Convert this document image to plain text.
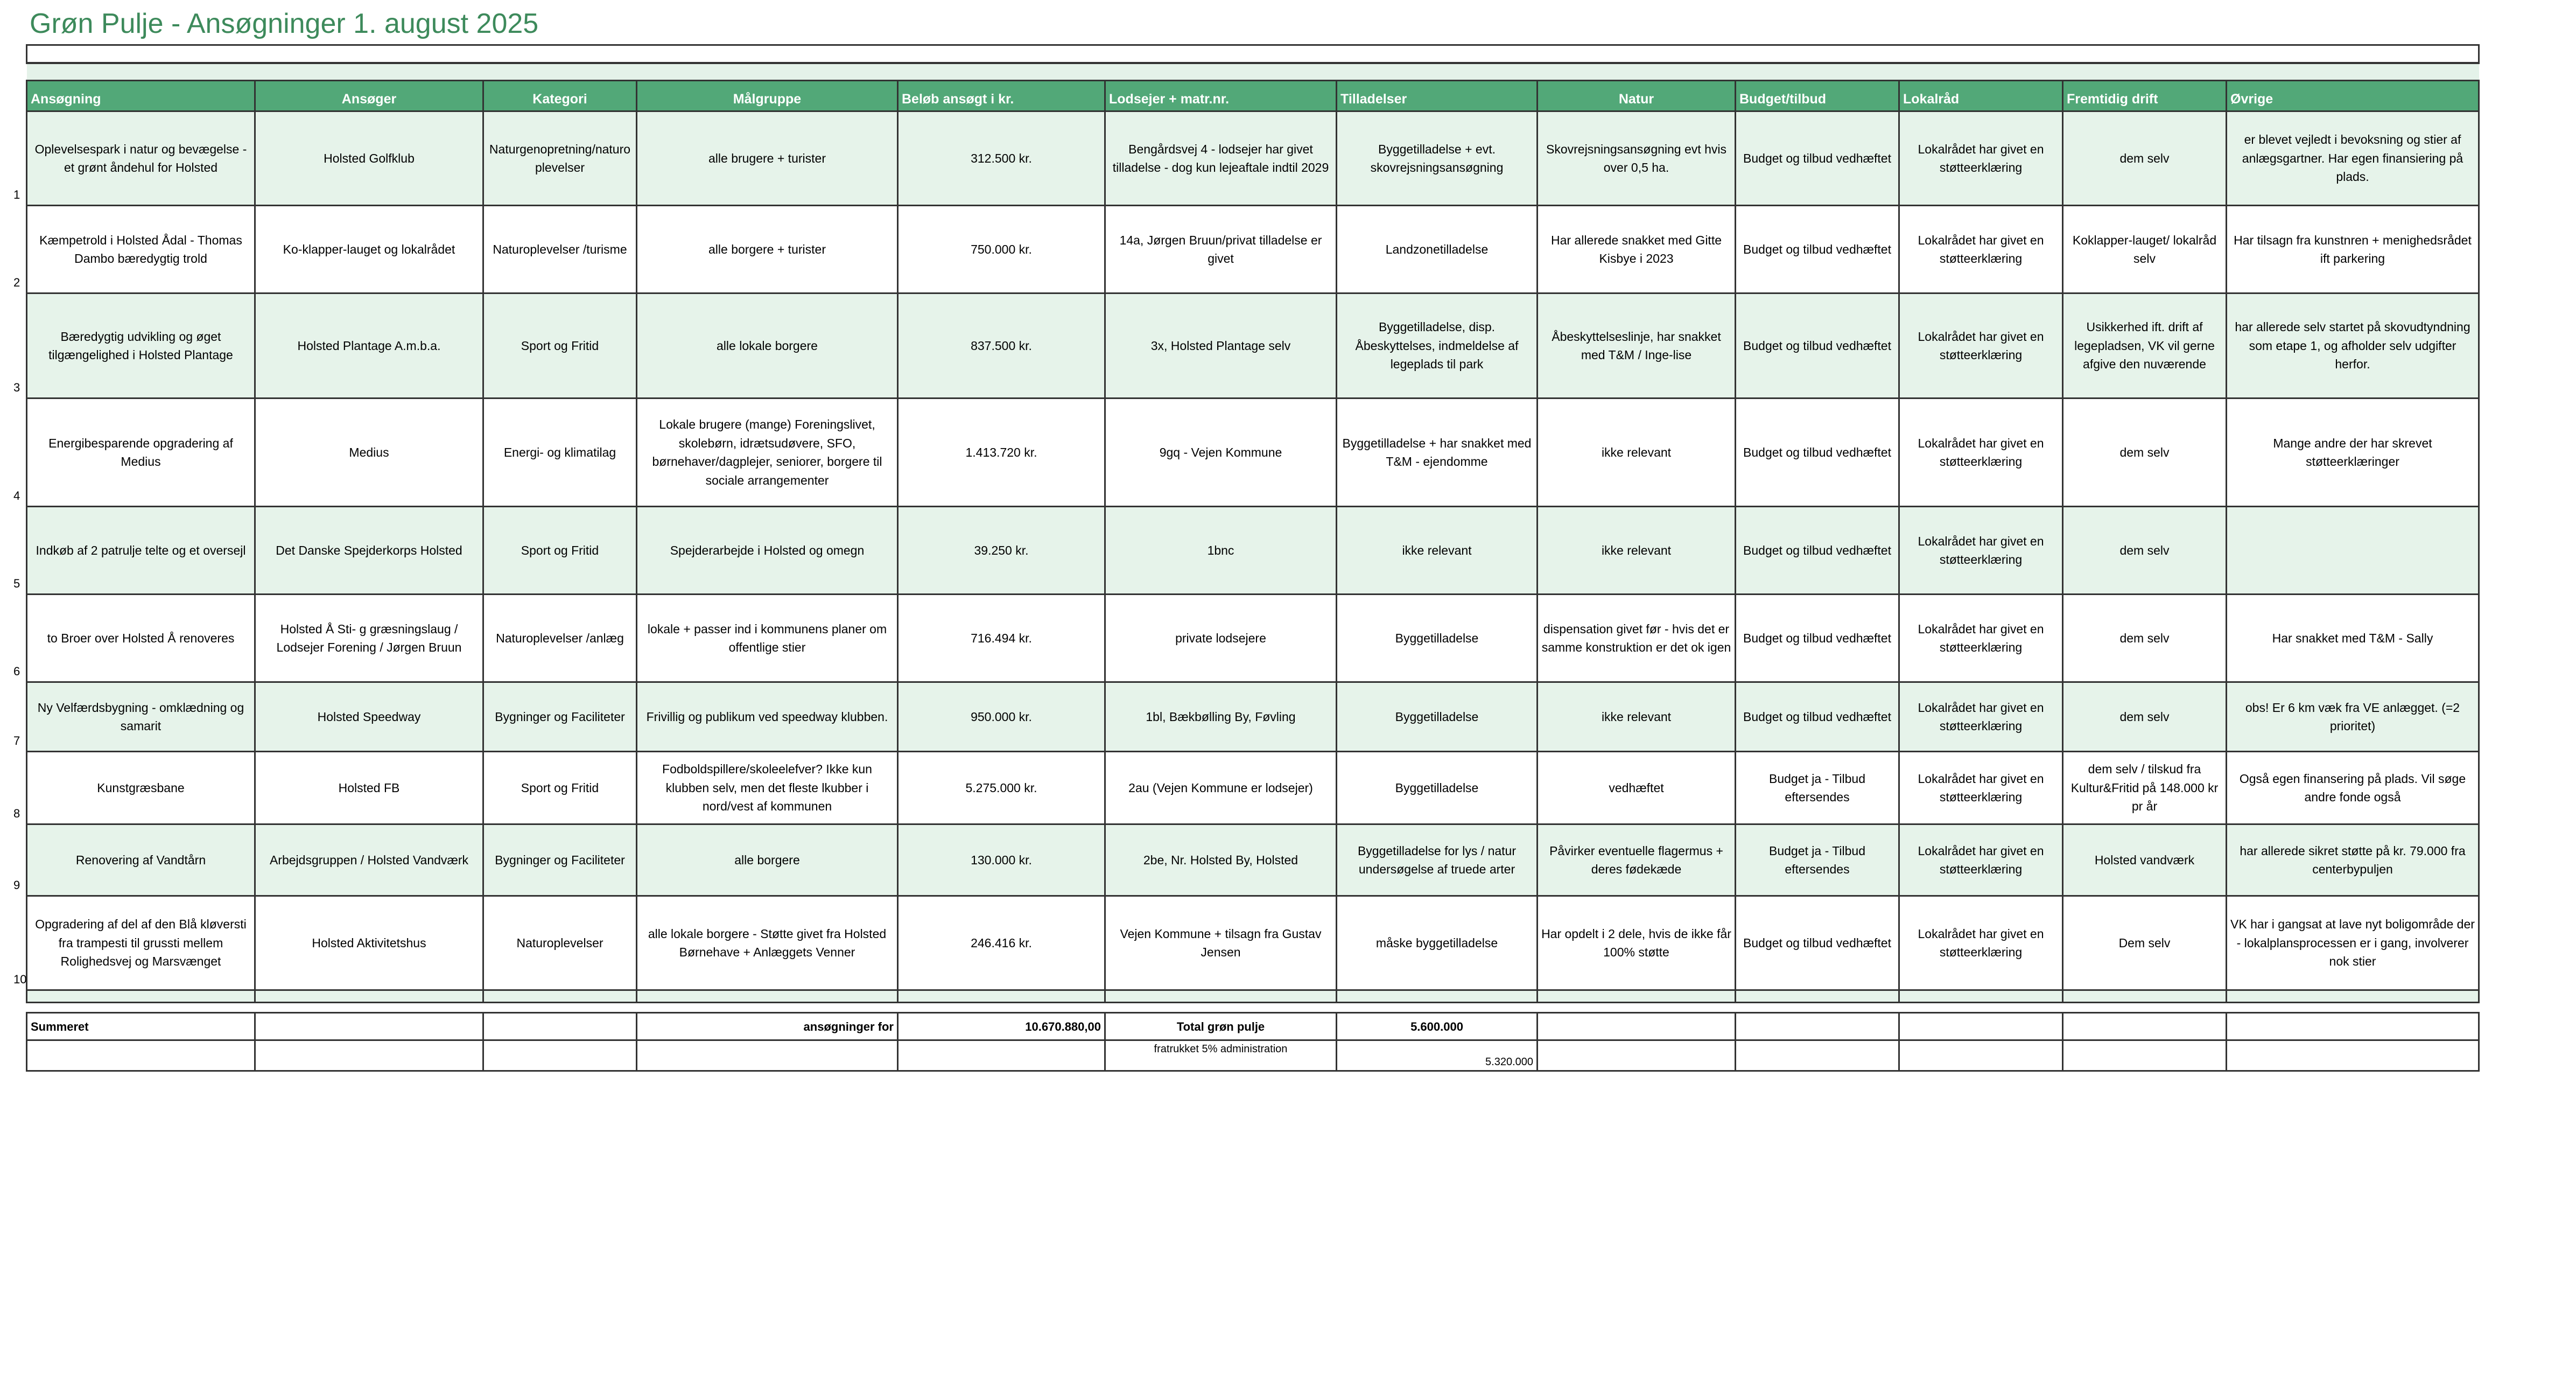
Grøn Pulje - Ansøgninger 1. august 2025

Ansøgning	Ansøger	Kategori	Målgruppe	Beløb ansøgt i kr.	Lodsejer + matr.nr.	Tilladelser	Natur	Budget/tilbud	Lokalråd	Fremtidig drift	Øvrige

1
Oplevelsespark i natur og bevægelse - et grønt åndehul for Holsted	Holsted Golfklub	Naturgenopretning/naturoplevelser	alle brugere + turister	312.500 kr.	Bengårdsvej 4 - lodsejer har givet tilladelse - dog kun lejeaftale indtil 2029	Byggetilladelse + evt. skovrejsningsansøgning	Skovrejsningsansøgning evt hvis over 0,5 ha.	Budget og tilbud vedhæftet	Lokalrådet har givet en støtteerklæring	dem selv	er blevet vejledt i bevoksning og stier af anlægsgartner. Har egen finansiering på plads.

2
Kæmpetrold i Holsted Ådal - Thomas Dambo bæredygtig trold	Ko-klapper-lauget og lokalrådet	Naturoplevelser /turisme	alle borgere + turister	750.000 kr.	14a, Jørgen Bruun/privat tilladelse er givet	Landzonetilladelse	Har allerede snakket med Gitte Kisbye i 2023	Budget og tilbud vedhæftet	Lokalrådet har givet en støtteerklæring	Koklapper-lauget/ lokalråd selv	Har tilsagn fra kunstnren + menighedsrådet ift parkering

3
Bæredygtig udvikling og øget tilgængelighed i Holsted Plantage	Holsted Plantage A.m.b.a.	Sport og Fritid	alle lokale borgere	837.500 kr.	3x, Holsted Plantage selv	Byggetilladelse, disp. Åbeskyttelses, indmeldelse af legeplads til park	Åbeskyttelseslinje, har snakket med T&M / Inge-lise	Budget og tilbud vedhæftet	Lokalrådet har givet en støtteerklæring	Usikkerhed ift. drift af legepladsen, VK vil gerne afgive den nuværende	har allerede selv startet på skovudtyndning som etape 1, og afholder selv udgifter herfor.

4
Energibesparende opgradering af Medius	Medius	Energi- og klimatilag	Lokale brugere (mange) Foreningslivet, skolebørn, idrætsudøvere, SFO, børnehaver/dagplejer, seniorer, borgere til sociale arrangementer	1.413.720 kr.	9gq - Vejen Kommune	Byggetilladelse + har snakket med T&M - ejendomme	ikke relevant	Budget og tilbud vedhæftet	Lokalrådet har givet en støtteerklæring	dem selv	Mange andre der har skrevet støtteerklæringer

5
Indkøb af 2 patrulje telte og et oversejl	Det Danske Spejderkorps Holsted	Sport og Fritid	Spejderarbejde i Holsted og omegn	39.250 kr.	1bnc	ikke relevant	ikke relevant	Budget og tilbud vedhæftet	Lokalrådet har givet en støtteerklæring	dem selv	

6
to Broer over Holsted Å renoveres	Holsted Å Sti- g græsningslaug / Lodsejer Forening / Jørgen Bruun	Naturoplevelser /anlæg	lokale + passer ind i kommunens planer om offentlige stier	716.494 kr.	private lodsejere	Byggetilladelse	dispensation givet før - hvis det er samme konstruktion er det ok igen	Budget og tilbud vedhæftet	Lokalrådet har givet en støtteerklæring	dem selv	Har snakket med T&M - Sally

7
Ny Velfærdsbygning - omklædning og samarit	Holsted Speedway	Bygninger og Faciliteter	Frivillig og publikum ved speedway klubben.	950.000 kr.	1bl, Bækbølling By, Føvling	Byggetilladelse	ikke relevant	Budget og tilbud vedhæftet	Lokalrådet har givet en støtteerklæring	dem selv	obs! Er 6 km væk fra VE anlægget. (=2 prioritet)

8
Kunstgræsbane	Holsted FB	Sport og Fritid	Fodboldspillere/skoleelefver? Ikke kun klubben selv, men det fleste lkubber i nord/vest af kommunen	5.275.000 kr.	2au (Vejen Kommune er lodsejer)	Byggetilladelse	vedhæftet	Budget ja - Tilbud eftersendes	Lokalrådet har givet en støtteerklæring	dem selv / tilskud fra Kultur&Fritid på 148.000 kr pr år	Også egen finansering på plads. Vil søge andre fonde også

9
Renovering af Vandtårn	Arbejdsgruppen / Holsted Vandværk	Bygninger og Faciliteter	alle borgere	130.000 kr.	2be, Nr. Holsted By, Holsted	Byggetilladelse for lys / natur undersøgelse af truede arter	Påvirker eventuelle flagermus + deres fødekæde	Budget ja - Tilbud eftersendes	Lokalrådet har givet en støtteerklæring	Holsted vandværk	har allerede sikret støtte på kr. 79.000 fra centerbypuljen

10
Opgradering af del af den Blå kløversti fra trampesti til grussti mellem Rolighedsvej og Marsvænget	Holsted Aktivitetshus	Naturoplevelser	alle lokale borgere - Støtte givet fra Holsted Børnehave + Anlæggets Venner	246.416 kr.	Vejen Kommune + tilsagn fra Gustav Jensen	måske byggetilladelse	Har opdelt i 2 dele, hvis de ikke får 100% støtte	Budget og tilbud vedhæftet	Lokalrådet har givet en støtteerklæring	Dem selv	VK har i gangsat at lave nyt boligområde der - lokalplansprocessen er i gang, involverer nok stier

Summeret			ansøgninger for	10.670.880,00	Total grøn pulje	5.600.000					
					fratrukket 5% administration	5.320.000					
